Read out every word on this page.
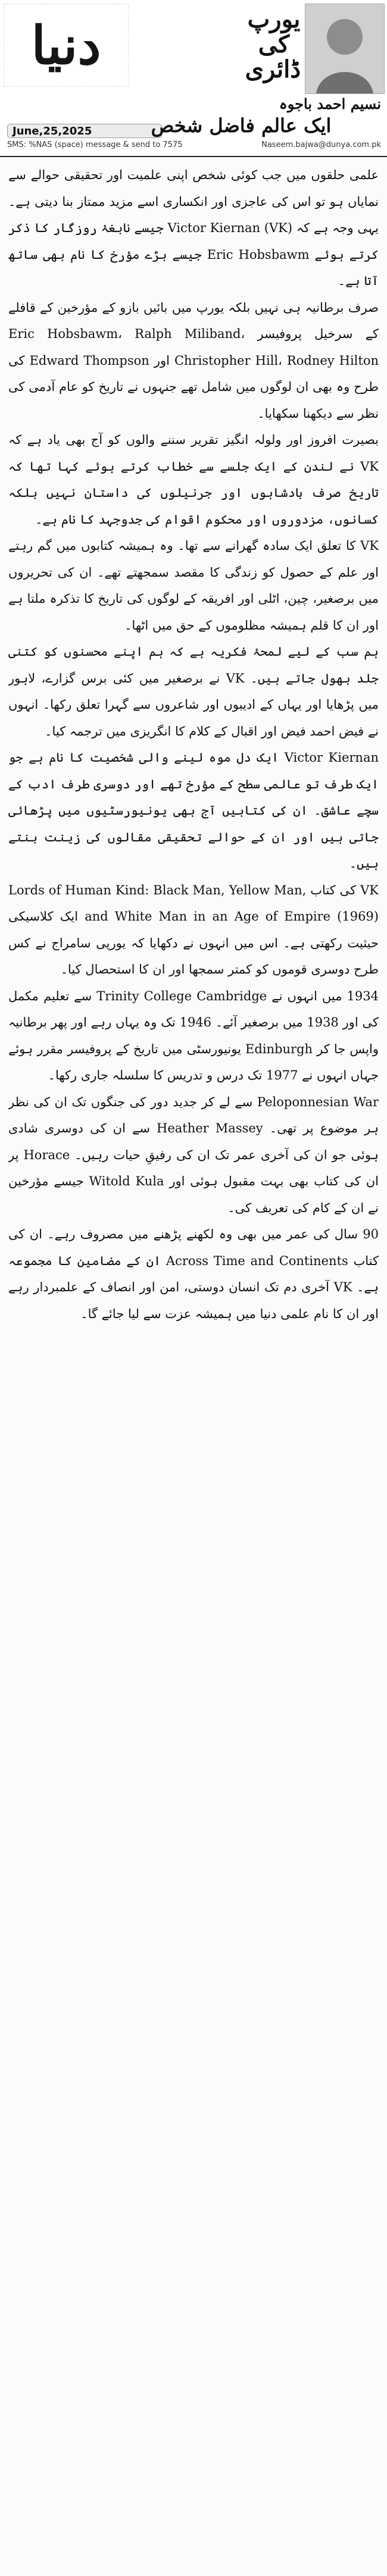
دنیا
June,25,2025
SMS: %NAS (space) message & send to 7575
یورپ کی ڈائری
نسیم احمد باجوہ
ایک عالم فاضل شخص
Naseem.bajwa@dunya.com.pk

علمی حلقوں میں جب کوئی شخص اپنی علمیت اور تحقیقی حوالے سے نمایاں ہو تو اس کی عاجزی اور انکساری اسے مزید ممتاز بنا دیتی ہے۔ یہی وجہ ہے کہ Victor Kiernan (VK) جیسے نابغۂ روزگار کا ذکر کرتے ہوئے Eric Hobsbawm جیسے بڑے مؤرخ کا نام بھی ساتھ آتا ہے۔

صرف برطانیہ ہی نہیں بلکہ یورپ میں بائیں بازو کے مؤرخین کے قافلے کے سرخیل پروفیسر Eric Hobsbawm، Ralph Miliband، Christopher Hill، Rodney Hilton اور Edward Thompson کی طرح وہ بھی ان لوگوں میں شامل تھے جنہوں نے تاریخ کو عام آدمی کی نظر سے دیکھنا سکھایا۔

بصیرت افروز اور ولولہ انگیز تقریر سننے والوں کو آج بھی یاد ہے کہ VK نے لندن کے ایک جلسے سے خطاب کرتے ہوئے کہا تھا کہ تاریخ صرف بادشاہوں اور جرنیلوں کی داستان نہیں بلکہ کسانوں، مزدوروں اور محکوم اقوام کی جدوجہد کا نام ہے۔

VK کا تعلق ایک سادہ گھرانے سے تھا۔ وہ ہمیشہ کتابوں میں گم رہتے اور علم کے حصول کو زندگی کا مقصد سمجھتے تھے۔ ان کی تحریروں میں برصغیر، چین، اٹلی اور افریقہ کے لوگوں کی تاریخ کا تذکرہ ملتا ہے اور ان کا قلم ہمیشہ مظلوموں کے حق میں اٹھا۔

ہم سب کے لیے لمحۂ فکریہ ہے کہ ہم اپنے محسنوں کو کتنی جلد بھول جاتے ہیں۔ VK نے برصغیر میں کئی برس گزارے، لاہور میں پڑھایا اور یہاں کے ادیبوں اور شاعروں سے گہرا تعلق رکھا۔ انہوں نے فیض احمد فیض اور اقبال کے کلام کا انگریزی میں ترجمہ کیا۔

Victor Kiernan ایک دل موہ لینے والی شخصیت کا نام ہے جو ایک طرف تو عالمی سطح کے مؤرخ تھے اور دوسری طرف ادب کے سچے عاشق۔ ان کی کتابیں آج بھی یونیورسٹیوں میں پڑھائی جاتی ہیں اور ان کے حوالے تحقیقی مقالوں کی زینت بنتے ہیں۔

VK کی کتاب Lords of Human Kind: Black Man, Yellow Man, and White Man in an Age of Empire (1969) ایک کلاسیکی حیثیت رکھتی ہے۔ اس میں انہوں نے دکھایا کہ یورپی سامراج نے کس طرح دوسری قوموں کو کمتر سمجھا اور ان کا استحصال کیا۔

1934 میں انہوں نے Trinity College Cambridge سے تعلیم مکمل کی اور 1938 میں برصغیر آئے۔ 1946 تک وہ یہاں رہے اور پھر برطانیہ واپس جا کر Edinburgh یونیورسٹی میں تاریخ کے پروفیسر مقرر ہوئے جہاں انہوں نے 1977 تک درس و تدریس کا سلسلہ جاری رکھا۔

Peloponnesian War سے لے کر جدید دور کی جنگوں تک ان کی نظر ہر موضوع پر تھی۔ Heather Massey سے ان کی دوسری شادی ہوئی جو ان کی آخری عمر تک ان کی رفیقِ حیات رہیں۔ Horace پر ان کی کتاب بھی بہت مقبول ہوئی اور Witold Kula جیسے مؤرخین نے ان کے کام کی تعریف کی۔

90 سال کی عمر میں بھی وہ لکھنے پڑھنے میں مصروف رہے۔ ان کی کتاب Across Time and Continents ان کے مضامین کا مجموعہ ہے۔ VK آخری دم تک انسان دوستی، امن اور انصاف کے علمبردار رہے اور ان کا نام علمی دنیا میں ہمیشہ عزت سے لیا جائے گا۔
